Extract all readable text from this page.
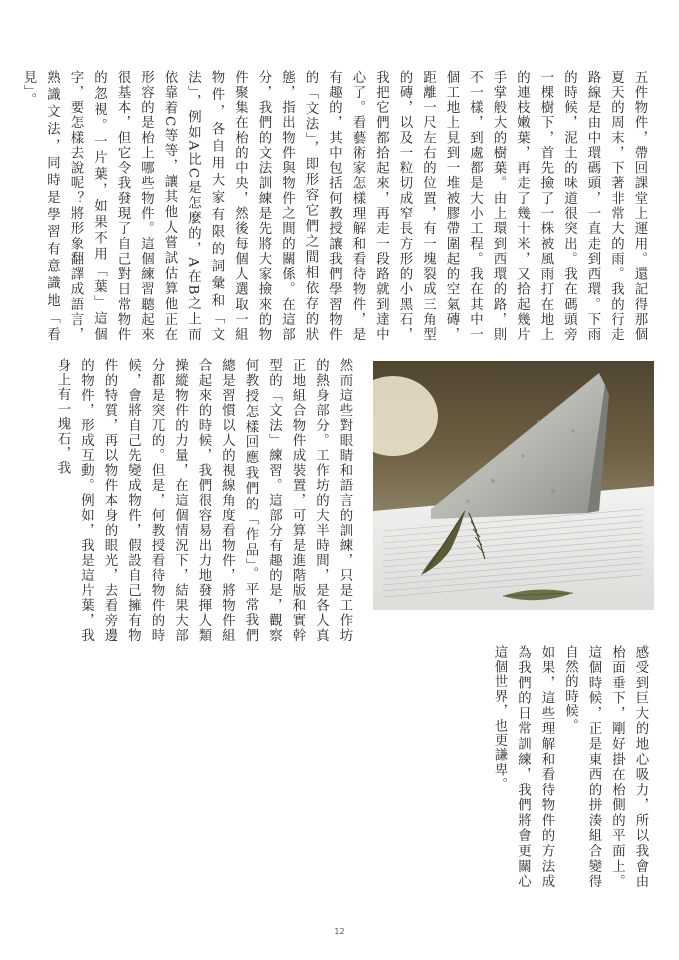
五件物件，帶回課堂上運用。還記得那個夏天的周末，下著非常大的雨。我的行走路線是由中環碼頭，一直走到西環。下雨的時候，泥土的味道很突出。我在碼頭旁一棵樹下，首先撿了一株被風雨打在地上的連枝嫩葉，再走了幾十米，又拾起幾片手掌般大的樹葉。由上環到西環的路，則不一樣，到處都是大小工程。我在其中一個工地上見到一堆被膠帶圍起的空氣磚，距離一尺左右的位置，有一塊裂成三角型的磚，以及一粒切成窄長方形的小黑石，我把它們都拾起來，再走一段路就到達中心了。看藝術家怎樣理解和看待物件，是有趣的，其中包括何教授讓我們學習物件的「文法」，即形容它們之間相依存的狀態，指出物件與物件之間的關係。在這部分，我們的文法訓練是先將大家撿來的物件聚集在枱的中央，然後每個人選取一組物件，各自用大家有限的詞彙和「文法」，例如A比C是怎麼的，A在B之上而依靠着C等等，讓其他人嘗試估算他正在形容的是枱上哪些物件。這個練習聽起來很基本，但它令我發現了自己對日常物件的忽視。一片葉，如果不用「葉」這個字，要怎樣去說呢？將形象翻譯成語言，熟識文法，同時是學習有意識地「看見」。

然而這些對眼睛和語言的訓練，只是工作坊的熱身部分。工作坊的大半時間，是各人真正地組合物件成裝置，可算是進階版和實幹型的「文法」練習。這部分有趣的是，觀察何教授怎樣回應我們的「作品」。平常我們總是習慣以人的視線角度看物件，將物件組合起來的時候，我們很容易出力地發揮人類操縱物件的力量，在這個情況下，結果大部分都是突兀的。但是，何教授看待物件的時候，會將自己先變成物件，假設自己擁有物件的特質，再以物件本身的眼光，去看旁邊的物件，形成互動。例如，我是這片葉，我身上有一塊石，我

感受到巨大的地心吸力，所以我會由枱面垂下，剛好掛在枱側的平面上。這個時候，正是東西的拼湊組合變得自然的時候。

如果，這些理解和看待物件的方法成為我們的日常訓練，我們將會更關心這個世界，也更謙卑。

12
